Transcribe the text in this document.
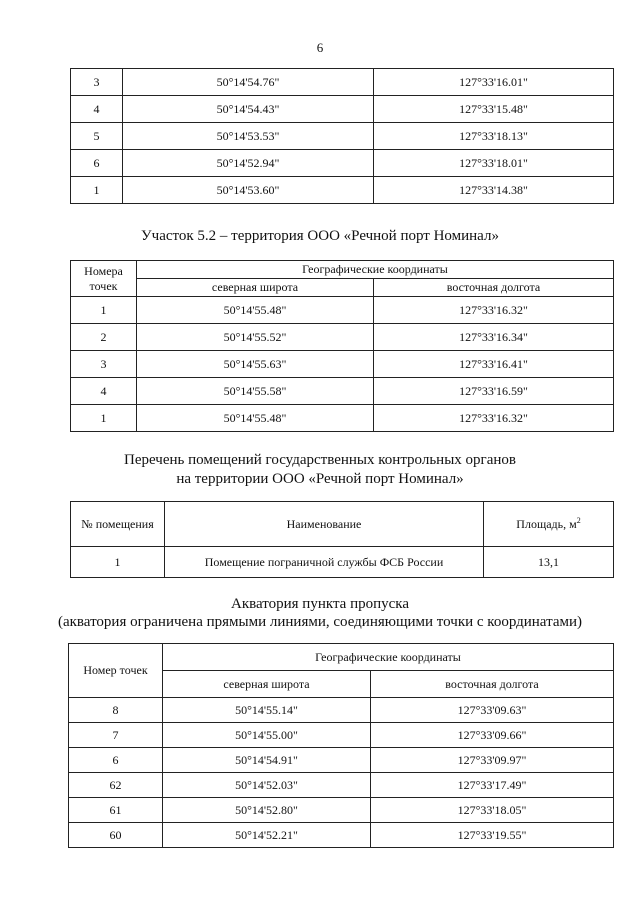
6
3	50°14'54.76"	127°33'16.01"
4	50°14'54.43"	127°33'15.48"
5	50°14'53.53"	127°33'18.13"
6	50°14'52.94"	127°33'18.01"
1	50°14'53.60"	127°33'14.38"
Участок 5.2 – территория ООО «Речной порт Номинал»
Номера точек	Географические координаты	
	северная широта	восточная долгота
1	50°14'55.48"	127°33'16.32"
2	50°14'55.52"	127°33'16.34"
3	50°14'55.63"	127°33'16.41"
4	50°14'55.58"	127°33'16.59"
1	50°14'55.48"	127°33'16.32"
Перечень помещений государственных контрольных органов
на территории ООО «Речной порт Номинал»
№ помещения	Наименование	Площадь, $м^2$
1	Помещение пограничной службы ФСБ России	13,1
Акватория пункта пропуска
(акватория ограничена прямыми линиями, соединяющими точки с координатами)
Номер точек	Географические координаты	
	северная широта	восточная долгота
8	50°14'55.14"	127°33'09.63"
7	50°14'55.00"	127°33'09.66"
6	50°14'54.91"	127°33'09.97"
62	50°14'52.03"	127°33'17.49"
61	50°14'52.80"	127°33'18.05"
60	50°14'52.21"	127°33'19.55"
